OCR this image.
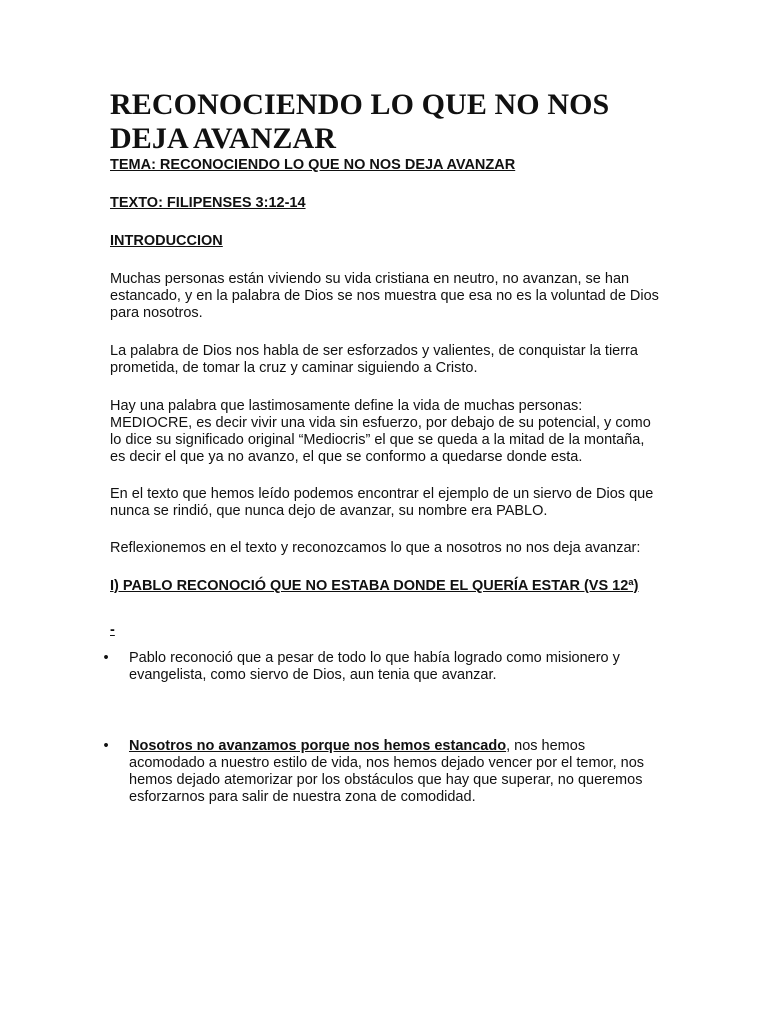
RECONOCIENDO LO QUE NO NOS DEJA AVANZAR

TEMA: RECONOCIENDO LO QUE NO NOS DEJA AVANZAR

TEXTO: FILIPENSES 3:12-14

INTRODUCCION

Muchas personas están viviendo su vida cristiana en neutro, no avanzan, se han estancado, y en la palabra de Dios se nos muestra que esa no es la voluntad de Dios para nosotros.

La palabra de Dios nos habla de ser esforzados y valientes, de conquistar la tierra prometida, de tomar la cruz y caminar siguiendo a Cristo.

Hay una palabra que lastimosamente define la vida de muchas personas: MEDIOCRE, es decir vivir una vida sin esfuerzo, por debajo de su potencial, y como lo dice su significado original “Mediocris” el que se queda a la mitad de la montaña, es decir el que ya no avanzo, el que se conformo a quedarse donde esta.

En el texto que hemos leído podemos encontrar el ejemplo de un siervo de Dios que nunca se rindió, que nunca dejo de avanzar, su nombre era PABLO.

Reflexionemos en el texto y reconozcamos lo que a nosotros no nos deja avanzar:

I) PABLO RECONOCIÓ QUE NO ESTABA DONDE EL QUERÍA ESTAR (VS 12ª)

-
• Pablo reconoció que a pesar de todo lo que había logrado como misionero y evangelista, como siervo de Dios, aun tenia que avanzar.
• Nosotros no avanzamos porque nos hemos estancado, nos hemos acomodado a nuestro estilo de vida, nos hemos dejado vencer por el temor, nos hemos dejado atemorizar por los obstáculos que hay que superar, no queremos esforzarnos para salir de nuestra zona de comodidad.
